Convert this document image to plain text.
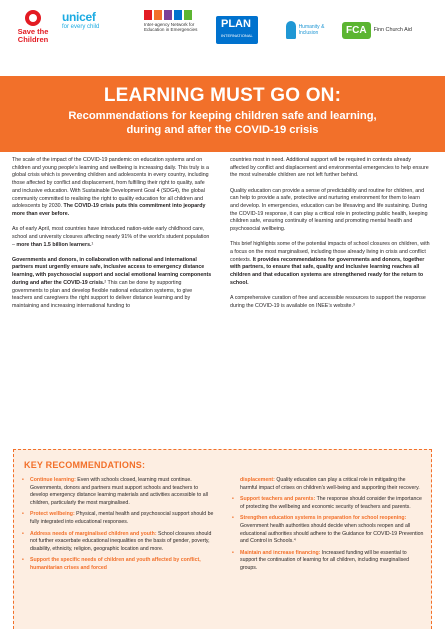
Save the Children
unicef
for every child	Inter-agency Network for Education in Emergencies	PLAN
INTERNATIONAL
Humanity & Inclusion	FCA	Finn Church Aid
LEARNING MUST GO ON:
Recommendations for keeping children safe and learning, during and after the COVID-19 crisis

The scale of the impact of the COVID-19 pandemic on education systems and on children and young people’s learning and wellbeing is increasing daily. This truly is a global crisis which is preventing children and adolescents in every country, including those affected by conflict and displacement, from fulfilling their right to quality, safe and inclusive education. With Sustainable Development Goal 4 (SDG4), the global community committed to realising the right to quality education for all children and adolescents by 2030. The COVID-19 crisis puts this commitment into jeopardy more than ever before.

As of early April, most countries have introduced nation-wide early childhood care, school and university closures affecting nearly 91% of the world’s student population – more than 1.5 billion learners.¹

Governments and donors, in collaboration with national and international partners must urgently ensure safe, inclusive access to emergency distance learning, with psychosocial support and social emotional learning components during and after the COVID-19 crisis.² This can be done by supporting governments to plan and develop flexible national education systems, to give teachers and caregivers the right support to deliver distance learning and by maintaining and increasing international funding to

countries most in need. Additional support will be required in contexts already affected by conflict and displacement and environmental emergencies to help ensure the most vulnerable children are not left further behind.

Quality education can provide a sense of predictability and routine for children, and can help to provide a safe, protective and nurturing environment for them to learn and develop. In emergencies, education can be lifesaving and life sustaining. During the COVID-19 response, it can play a critical role in protecting public health, keeping children safe, ensuring continuity of learning and promoting mental health and psychosocial wellbeing.

This brief highlights some of the potential impacts of school closures on children, with a focus on the most marginalised, including those already living in crisis and conflict contexts. It provides recommendations for governments and donors, together with partners, to ensure that safe, quality and inclusive learning reaches all children and that education systems are strengthened ready for the return to school.

A comprehensive curation of free and accessible resources to support the response during the COVID-19 is available on INEE’s website.³

KEY RECOMMENDATIONS:
• Continue learning: Even with schools closed, learning must continue. Governments, donors and partners must support schools and teachers to develop emergency distance learning materials and activities accessible to all children, particularly the most marginalised.
• Protect wellbeing: Physical, mental health and psychosocial support should be fully integrated into educational responses.
• Address needs of marginalised children and youth: School closures should not further exacerbate educational inequalities on the basis of gender, poverty, disability, ethnicity, religion, geographic location and more.
• Support the specific needs of children and youth affected by conflict, humanitarian crises and forced
displacement: Quality education can play a critical role in mitigating the harmful impact of crises on children’s well-being and supporting their recovery.
• Support teachers and parents: The response should consider the importance of protecting the wellbeing and economic security of teachers and parents.
• Strengthen education systems in preparation for school reopening: Government health authorities should decide when schools reopen and all educational authorities should adhere to the Guidance for COVID-19 Prevention and Control in Schools.⁴
• Maintain and increase financing: Increased funding will be essential to support the continuation of learning for all children, including marginalised groups.
